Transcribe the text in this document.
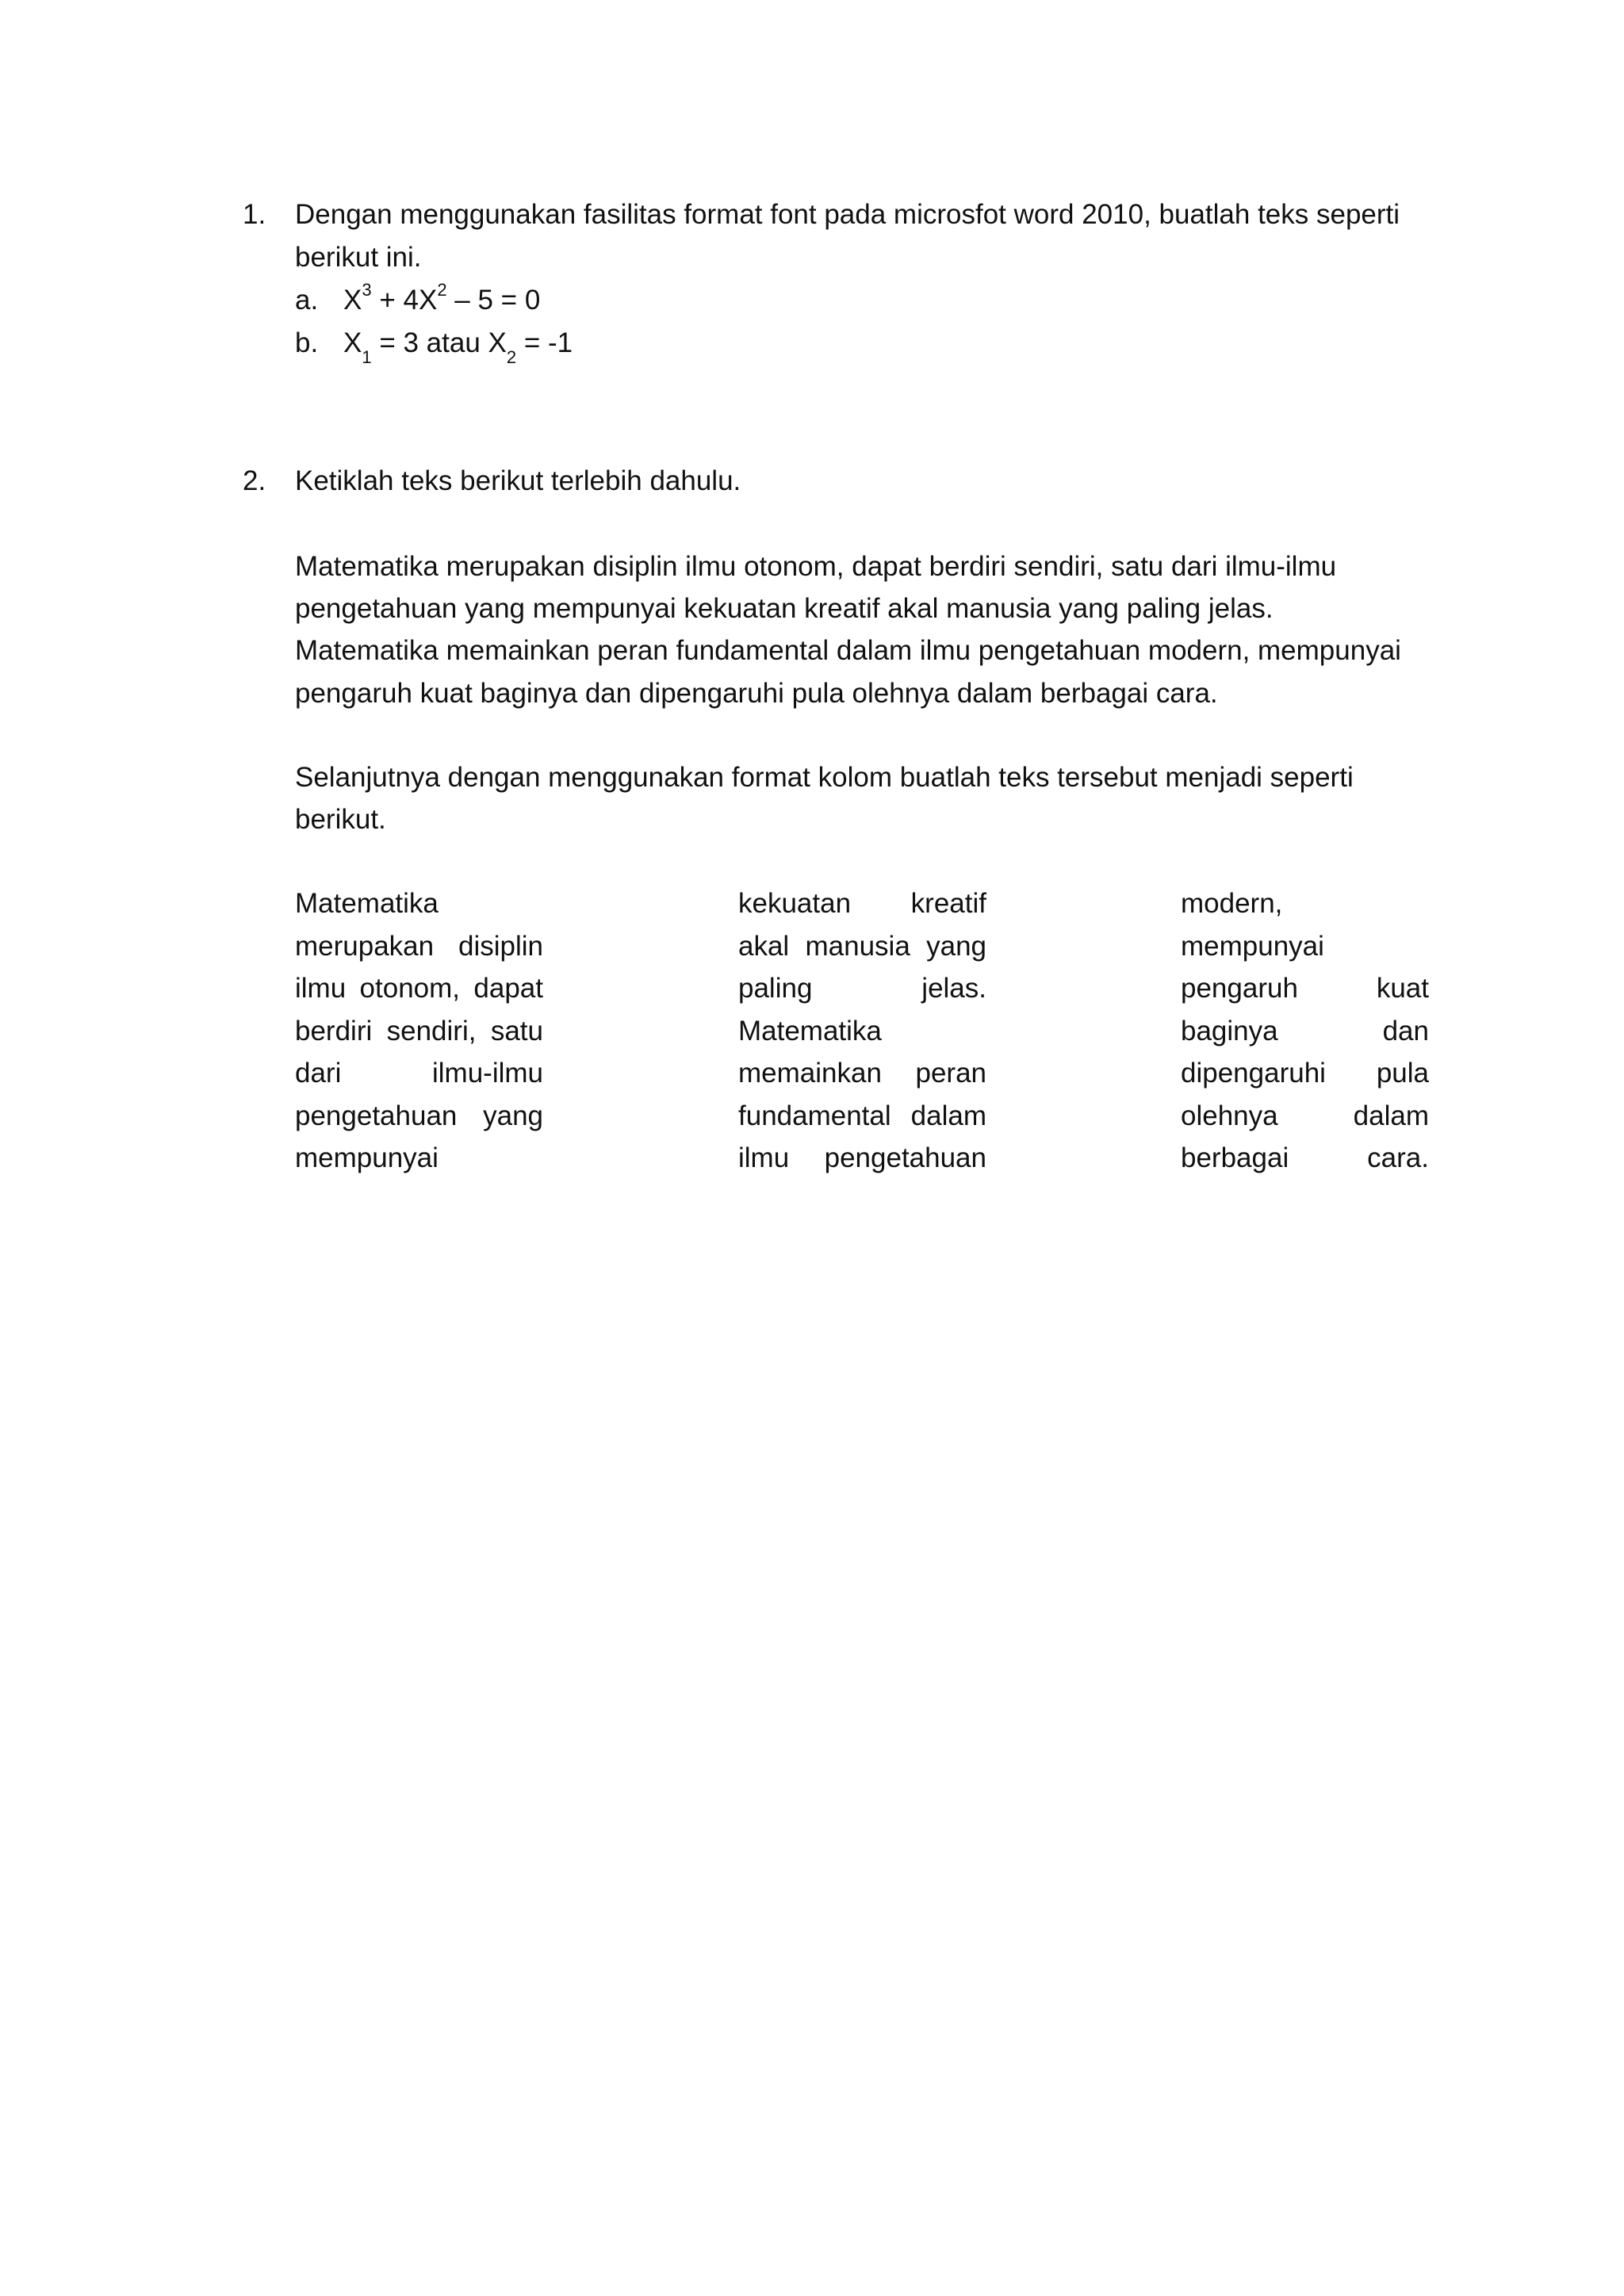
1. Dengan menggunakan fasilitas format font pada microsfot word 2010, buatlah teks seperti
berikut ini.
a. $X^3 + 4X^2 - 5 = 0$
b. $X_1 = 3$ atau $X_2 = -1$
2. Ketiklah teks berikut terlebih dahulu.
Matematika merupakan disiplin ilmu otonom, dapat berdiri sendiri, satu dari ilmu-ilmu
pengetahuan yang mempunyai kekuatan kreatif akal manusia yang paling jelas.
Matematika memainkan peran fundamental dalam ilmu pengetahuan modern, mempunyai
pengaruh kuat baginya dan dipengaruhi pula olehnya dalam berbagai cara.
Selanjutnya dengan menggunakan format kolom buatlah teks tersebut menjadi seperti
berikut.
Matematika
merupakan disiplin
ilmu otonom, dapat
berdiri sendiri, satu
dari ilmu-ilmu
pengetahuan yang
mempunyai
kekuatan kreatif
akal manusia yang
paling jelas.
Matematika
memainkan peran
fundamental dalam
ilmu pengetahuan
modern,
mempunyai
pengaruh kuat
baginya dan
dipengaruhi pula
olehnya dalam
berbagai cara.
